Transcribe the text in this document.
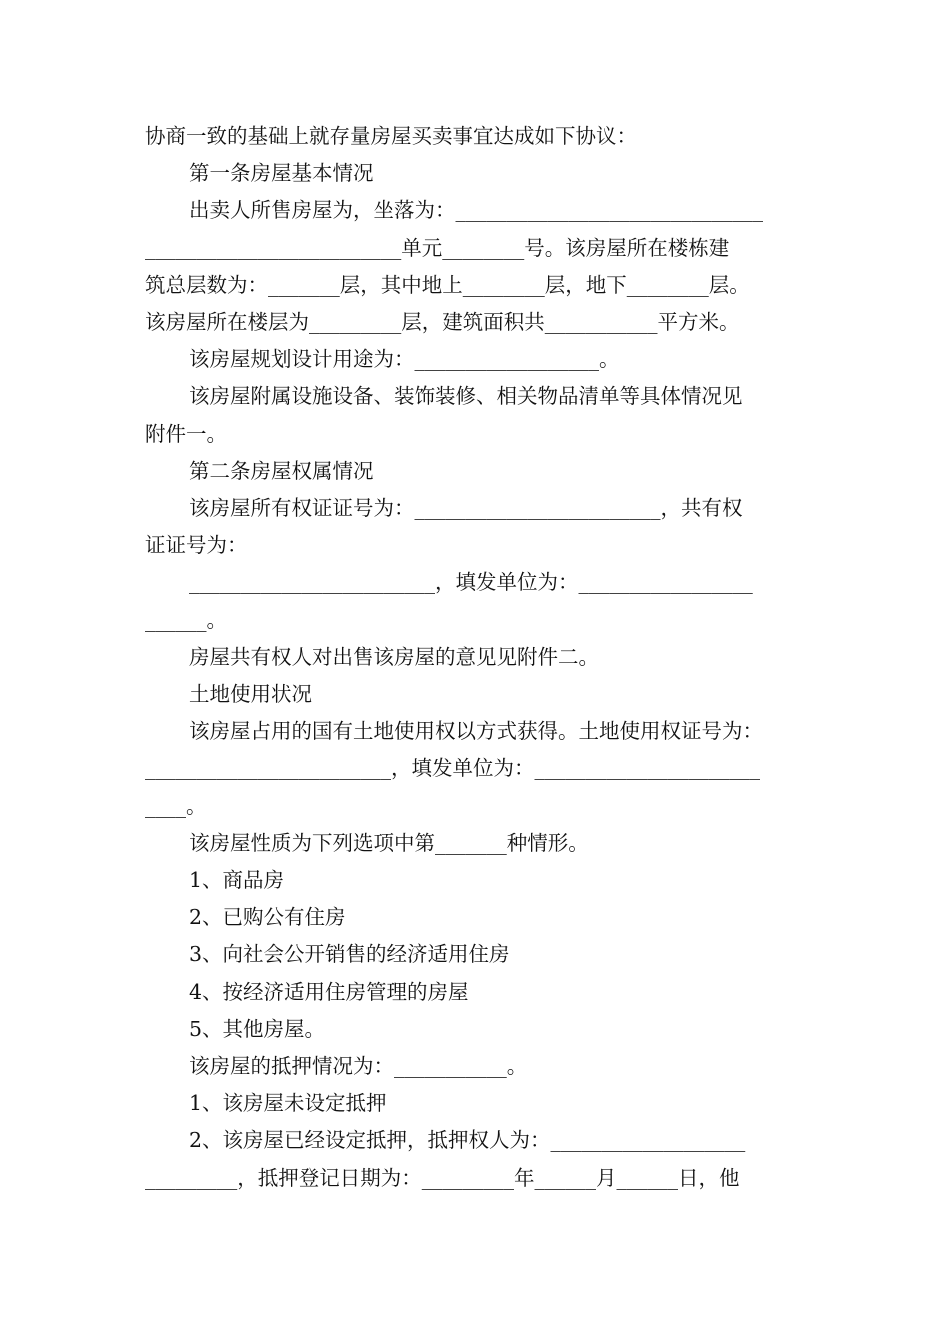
协商一致的基础上就存量房屋买卖事宜达成如下协议：
第一条房屋基本情况
出卖人所售房屋为，坐落为：______________________________
_________________________单元________号。该房屋所在楼栋建
筑总层数为：_______层，其中地上________层，地下________层。
该房屋所在楼层为_________层，建筑面积共___________平方米。
该房屋规划设计用途为：__________________。
该房屋附属设施设备、装饰装修、相关物品清单等具体情况见
附件一。
第二条房屋权属情况
该房屋所有权证证号为：________________________，共有权
证证号为：
________________________，填发单位为：_________________
______。
房屋共有权人对出售该房屋的意见见附件二。
土地使用状况
该房屋占用的国有土地使用权以方式获得。土地使用权证号为：
________________________，填发单位为：______________________
____。
该房屋性质为下列选项中第_______种情形。
1、商品房
2、已购公有住房
3、向社会公开销售的经济适用住房
4、按经济适用住房管理的房屋
5、其他房屋。
该房屋的抵押情况为：___________。
1、该房屋未设定抵押
2、该房屋已经设定抵押，抵押权人为：___________________
_________，抵押登记日期为：_________年______月______日，他
